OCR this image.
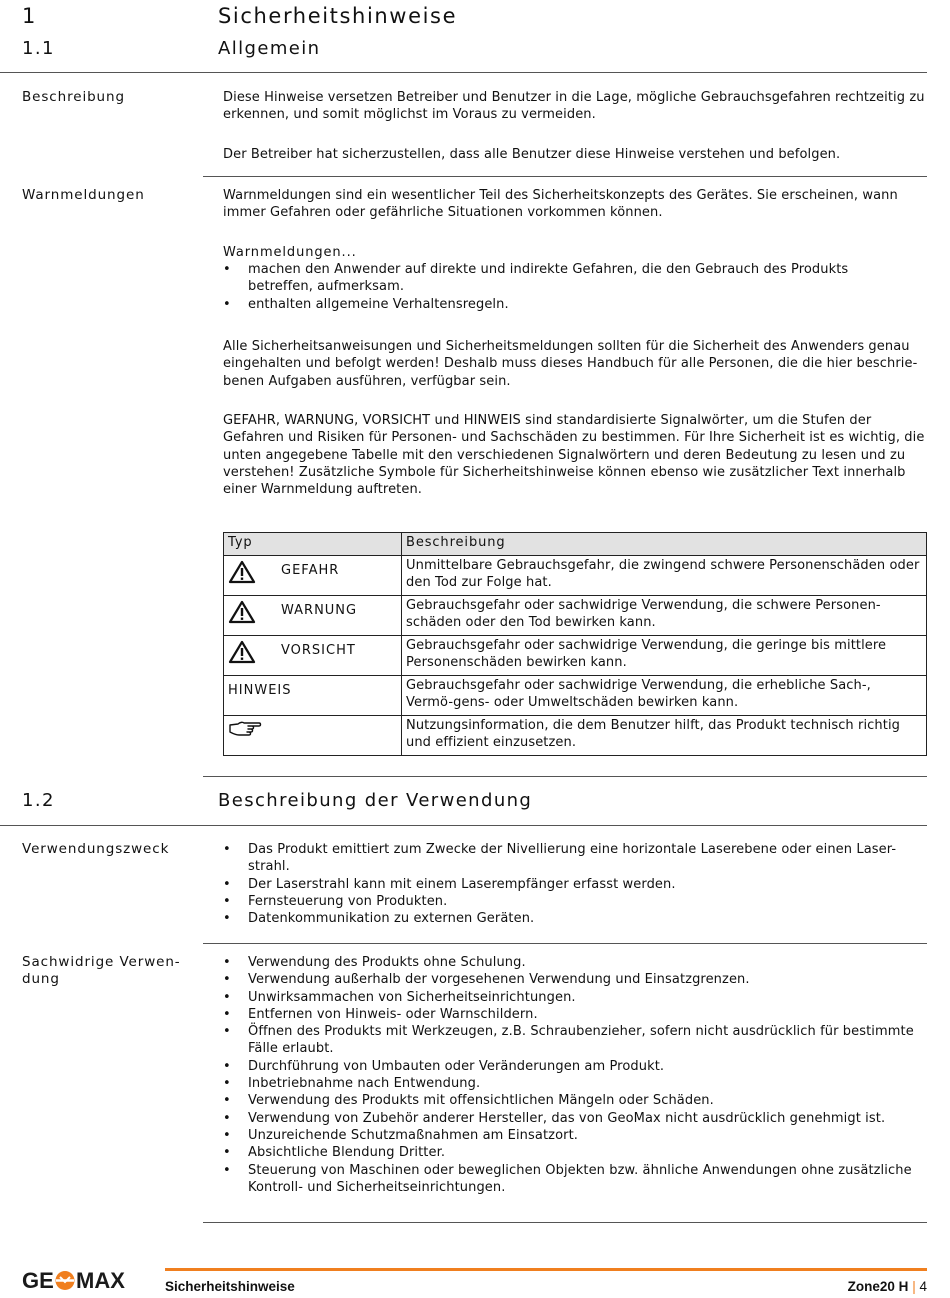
1	Sicherheitshinweise
1.1	Allgemein
Beschreibung	Diese Hinweise versetzen Betreiber und Benutzer in die Lage, mögliche Gebrauchsgefahren rechtzeitig zu erkennen, und somit möglichst im Voraus zu vermeiden.
Der Betreiber hat sicherzustellen, dass alle Benutzer diese Hinweise verstehen und befolgen.
Warnmeldungen	Warnmeldungen sind ein wesentlicher Teil des Sicherheitskonzepts des Gerätes. Sie erscheinen, wann immer Gefahren oder gefährliche Situationen vorkommen können.
Warnmeldungen...
• machen den Anwender auf direkte und indirekte Gefahren, die den Gebrauch des Produkts betreffen, aufmerksam.
• enthalten allgemeine Verhaltensregeln.
Alle Sicherheitsanweisungen und Sicherheitsmeldungen sollten für die Sicherheit des Anwenders genau eingehalten und befolgt werden! Deshalb muss dieses Handbuch für alle Personen, die die hier beschrie-benen Aufgaben ausführen, verfügbar sein.
GEFAHR, WARNUNG, VORSICHT und HINWEIS sind standardisierte Signalwörter, um die Stufen der Gefahren und Risiken für Personen- und Sachschäden zu bestimmen. Für Ihre Sicherheit ist es wichtig, die unten angegebene Tabelle mit den verschiedenen Signalwörtern und deren Bedeutung zu lesen und zu verstehen! Zusätzliche Symbole für Sicherheitshinweise können ebenso wie zusätzlicher Text innerhalb einer Warnmeldung auftreten.
Typ	Beschreibung

GEFAHR	Unmittelbare Gebrauchsgefahr, die zwingend schwere Personenschäden oder den Tod zur Folge hat.

WARNUNG	Gebrauchsgefahr oder sachwidrige Verwendung, die schwere Personen-schäden oder den Tod bewirken kann.

VORSICHT	Gebrauchsgefahr oder sachwidrige Verwendung, die geringe bis mittlere Personenschäden bewirken kann.

HINWEIS	Gebrauchsgefahr oder sachwidrige Verwendung, die erhebliche Sach-, Vermö-gens- oder Umweltschäden bewirken kann.

	Nutzungsinformation, die dem Benutzer hilft, das Produkt technisch richtig und effizient einzusetzen.
1.2	Beschreibung der Verwendung
Verwendungszweck	• Das Produkt emittiert zum Zwecke der Nivellierung eine horizontale Laserebene oder einen Laser-strahl.
• Der Laserstrahl kann mit einem Laserempfänger erfasst werden.
• Fernsteuerung von Produkten.
• Datenkommunikation zu externen Geräten.
Sachwidrige Verwen-dung
• Verwendung des Produkts ohne Schulung.
• Verwendung außerhalb der vorgesehenen Verwendung und Einsatzgrenzen.
• Unwirksammachen von Sicherheitseinrichtungen.
• Entfernen von Hinweis- oder Warnschildern.
• Öffnen des Produkts mit Werkzeugen, z.B. Schraubenzieher, sofern nicht ausdrücklich für bestimmte Fälle erlaubt.
• Durchführung von Umbauten oder Veränderungen am Produkt.
• Inbetriebnahme nach Entwendung.
• Verwendung des Produkts mit offensichtlichen Mängeln oder Schäden.
• Verwendung von Zubehör anderer Hersteller, das von GeoMax nicht ausdrücklich genehmigt ist.
• Unzureichende Schutzmaßnahmen am Einsatzort.
• Absichtliche Blendung Dritter.
• Steuerung von Maschinen oder beweglichen Objekten bzw. ähnliche Anwendungen ohne zusätzliche Kontroll- und Sicherheitseinrichtungen.
GE MAX	Sicherheitshinweise	Zone20 H | 4
